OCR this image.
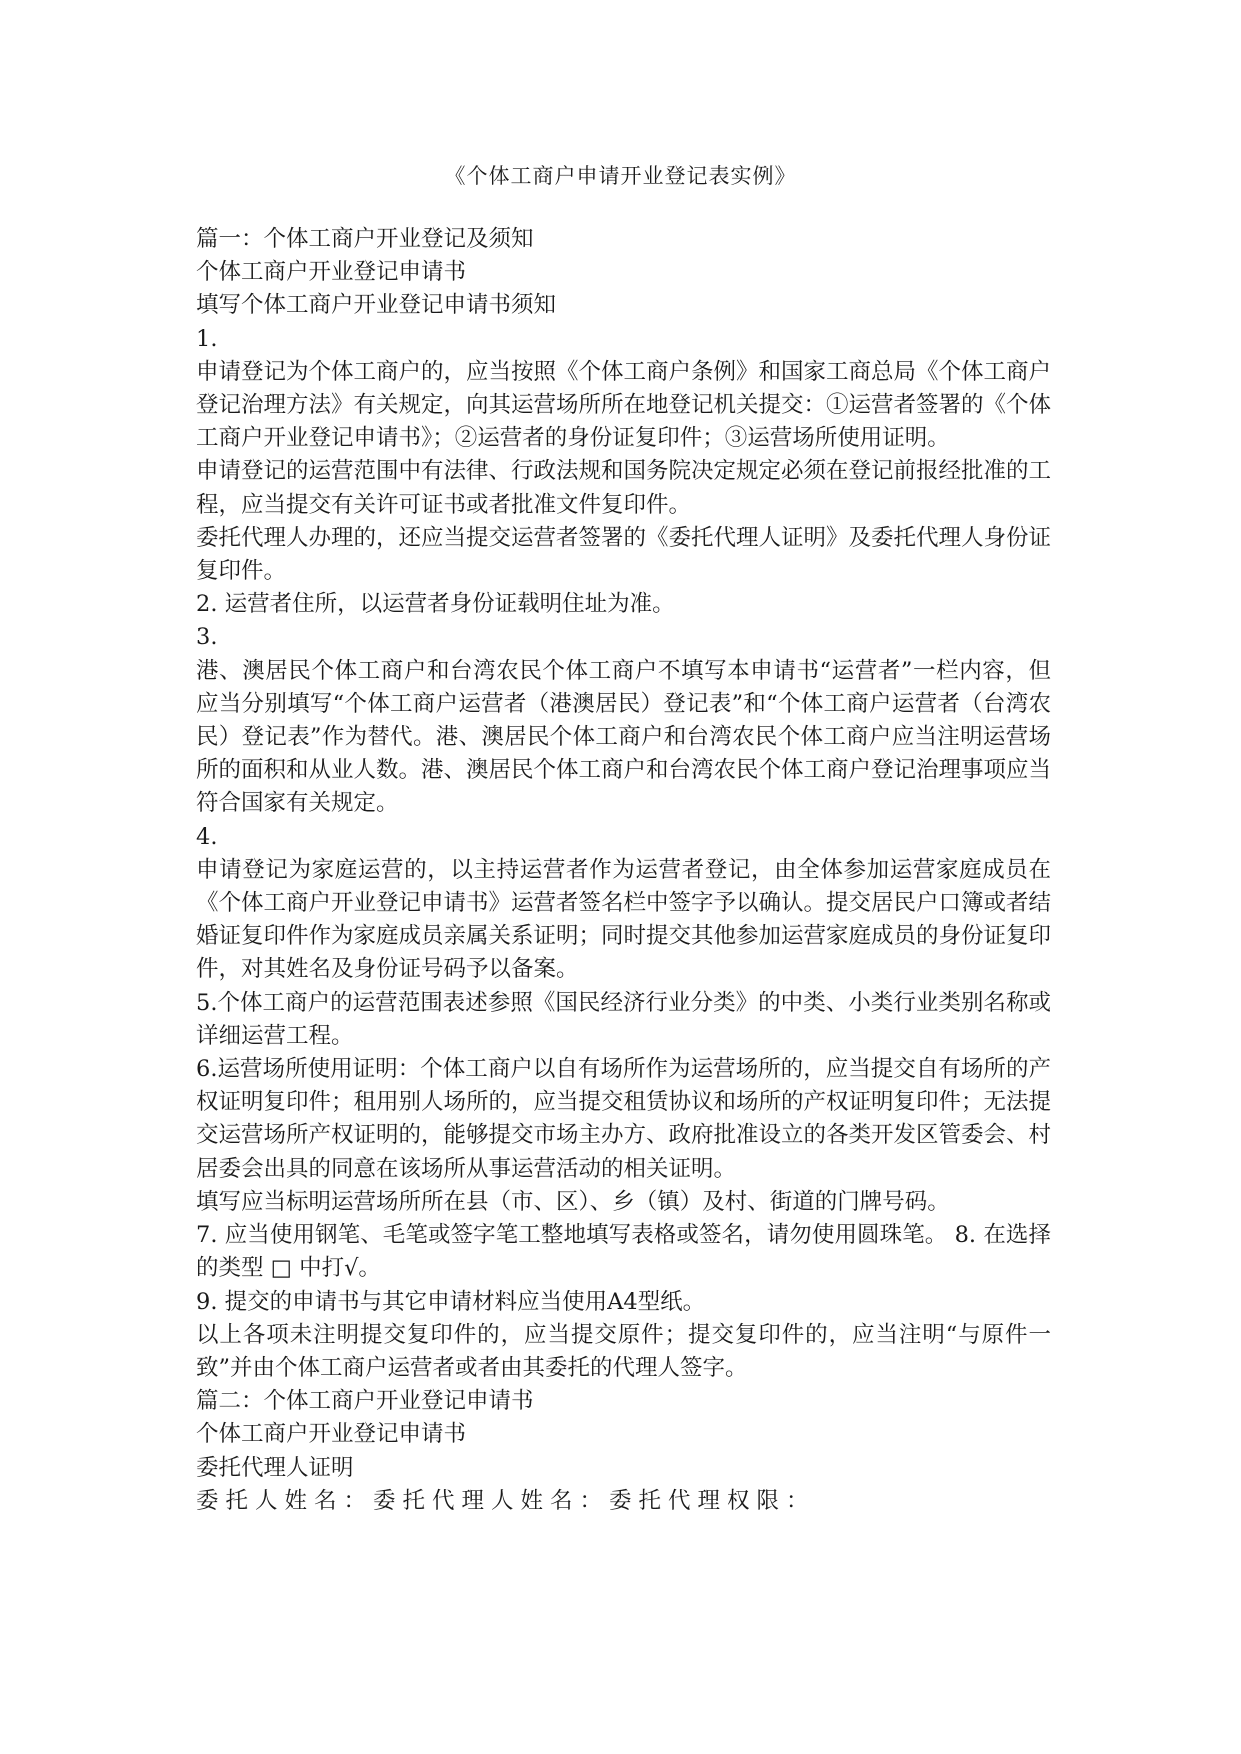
《个体工商户申请开业登记表实例》

篇一：个体工商户开业登记及须知

个体工商户开业登记申请书

填写个体工商户开业登记申请书须知

1.

申请登记为个体工商户的，应当按照《个体工商户条例》和国家工商总局《个体工商户登记治理方法》有关规定，向其运营场所所在地登记机关提交：①运营者签署的《个体工商户开业登记申请书》；②运营者的身份证复印件；③运营场所使用证明。

申请登记的运营范围中有法律、行政法规和国务院决定规定必须在登记前报经批准的工程，应当提交有关许可证书或者批准文件复印件。

委托代理人办理的，还应当提交运营者签署的《委托代理人证明》及委托代理人身份证复印件。

2. 运营者住所，以运营者身份证载明住址为准。

3.

港、澳居民个体工商户和台湾农民个体工商户不填写本申请书“运营者”一栏内容，但应当分别填写“个体工商户运营者（港澳居民）登记表”和“个体工商户运营者（台湾农民）登记表”作为替代。港、澳居民个体工商户和台湾农民个体工商户应当注明运营场所的面积和从业人数。港、澳居民个体工商户和台湾农民个体工商户登记治理事项应当符合国家有关规定。

4.

申请登记为家庭运营的，以主持运营者作为运营者登记，由全体参加运营家庭成员在《个体工商户开业登记申请书》运营者签名栏中签字予以确认。提交居民户口簿或者结婚证复印件作为家庭成员亲属关系证明；同时提交其他参加运营家庭成员的身份证复印件，对其姓名及身份证号码予以备案。

5.个体工商户的运营范围表述参照《国民经济行业分类》的中类、小类行业类别名称或详细运营工程。

6.运营场所使用证明：个体工商户以自有场所作为运营场所的，应当提交自有场所的产权证明复印件；租用别人场所的，应当提交租赁协议和场所的产权证明复印件；无法提交运营场所产权证明的，能够提交市场主办方、政府批准设立的各类开发区管委会、村居委会出具的同意在该场所从事运营活动的相关证明。

填写应当标明运营场所所在县（市、区）、乡（镇）及村、街道的门牌号码。

7. 应当使用钢笔、毛笔或签字笔工整地填写表格或签名，请勿使用圆珠笔。 8. 在选择的类型 □ 中打√。

9. 提交的申请书与其它申请材料应当使用A4型纸。

以上各项未注明提交复印件的，应当提交原件；提交复印件的，应当注明“与原件一致”并由个体工商户运营者或者由其委托的代理人签字。

篇二：个体工商户开业登记申请书

个体工商户开业登记申请书

委托代理人证明

委托人姓名：委托代理人姓名：委托代理权限：
